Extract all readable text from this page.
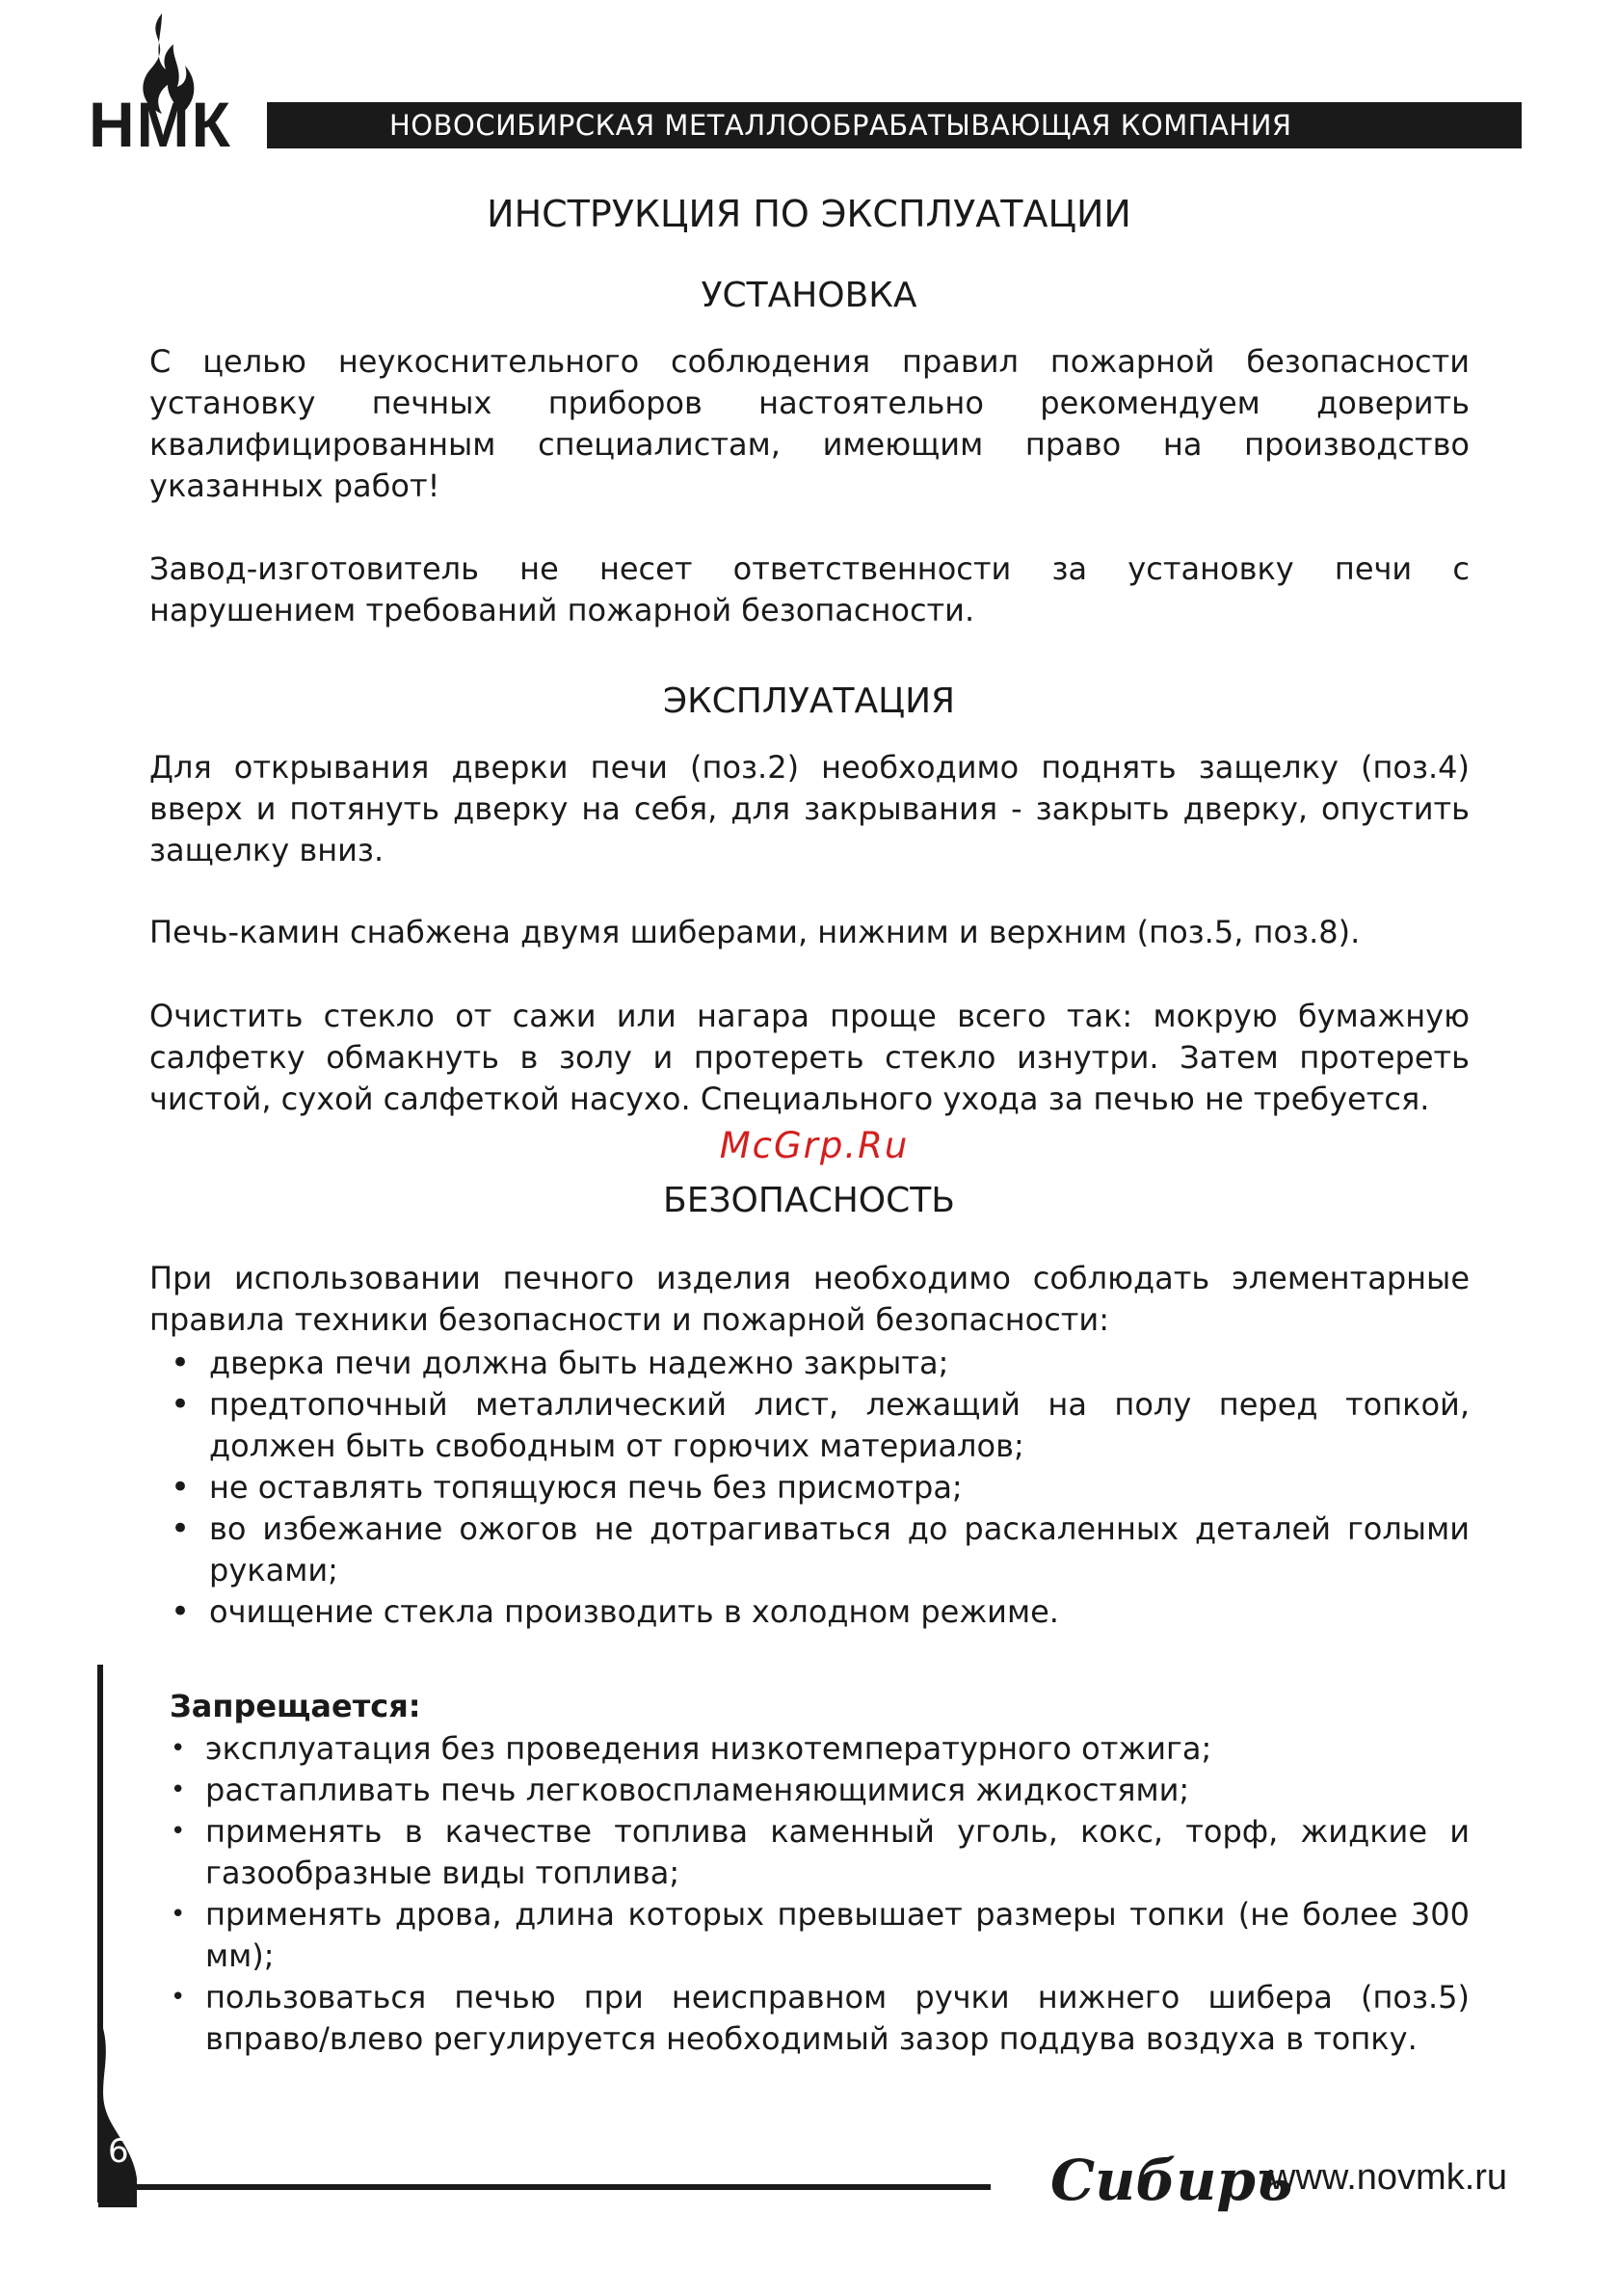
НМК	НОВОСИБИРСКАЯ МЕТАЛЛООБРАБАТЫВАЮЩАЯ КОМПАНИЯ
ИНСТРУКЦИЯ ПО ЭКСПЛУАТАЦИИ
УСТАНОВКА
С целью неукоснительного соблюдения правил пожарной безопасности установку печных приборов настоятельно рекомендуем доверить квалифицированным специалистам, имеющим право на производство указанных работ!
Завод-изготовитель не несет ответственности за установку печи с нарушением требований пожарной безопасности.
ЭКСПЛУАТАЦИЯ
Для открывания дверки печи (поз.2) необходимо поднять защелку (поз.4) вверх и потянуть дверку на себя, для закрывания - закрыть дверку, опустить защелку вниз.
Печь-камин снабжена двумя шиберами, нижним и верхним (поз.5, поз.8).
Очистить стекло от сажи или нагара проще всего так: мокрую бумажную салфетку обмакнуть в золу и протереть стекло изнутри. Затем протереть чистой, сухой салфеткой насухо. Специального ухода за печью не требуется.
McGrp.Ru
БЕЗОПАСНОСТЬ
При использовании печного изделия необходимо соблюдать элементарные правила техники безопасности и пожарной безопасности:
• дверка печи должна быть надежно закрыта;
• предтопочный металлический лист, лежащий на полу перед топкой, должен быть свободным от горючих материалов;
• не оставлять топящуюся печь без присмотра;
• во избежание ожогов не дотрагиваться до раскаленных деталей голыми руками;
• очищение стекла производить в холодном режиме.
Запрещается:
• эксплуатация без проведения низкотемпературного отжига;
• растапливать печь легковоспламеняющимися жидкостями;
• применять в качестве топлива каменный уголь, кокс, торф, жидкие и газообразные виды топлива;
• применять дрова, длина которых превышает размеры топки (не более 300 мм);
• пользоваться печью при неисправном ручки нижнего шибера (поз.5) вправо/влево регулируется необходимый зазор поддува воздуха в топку.
6	Сибирь
www.novmk.ru
